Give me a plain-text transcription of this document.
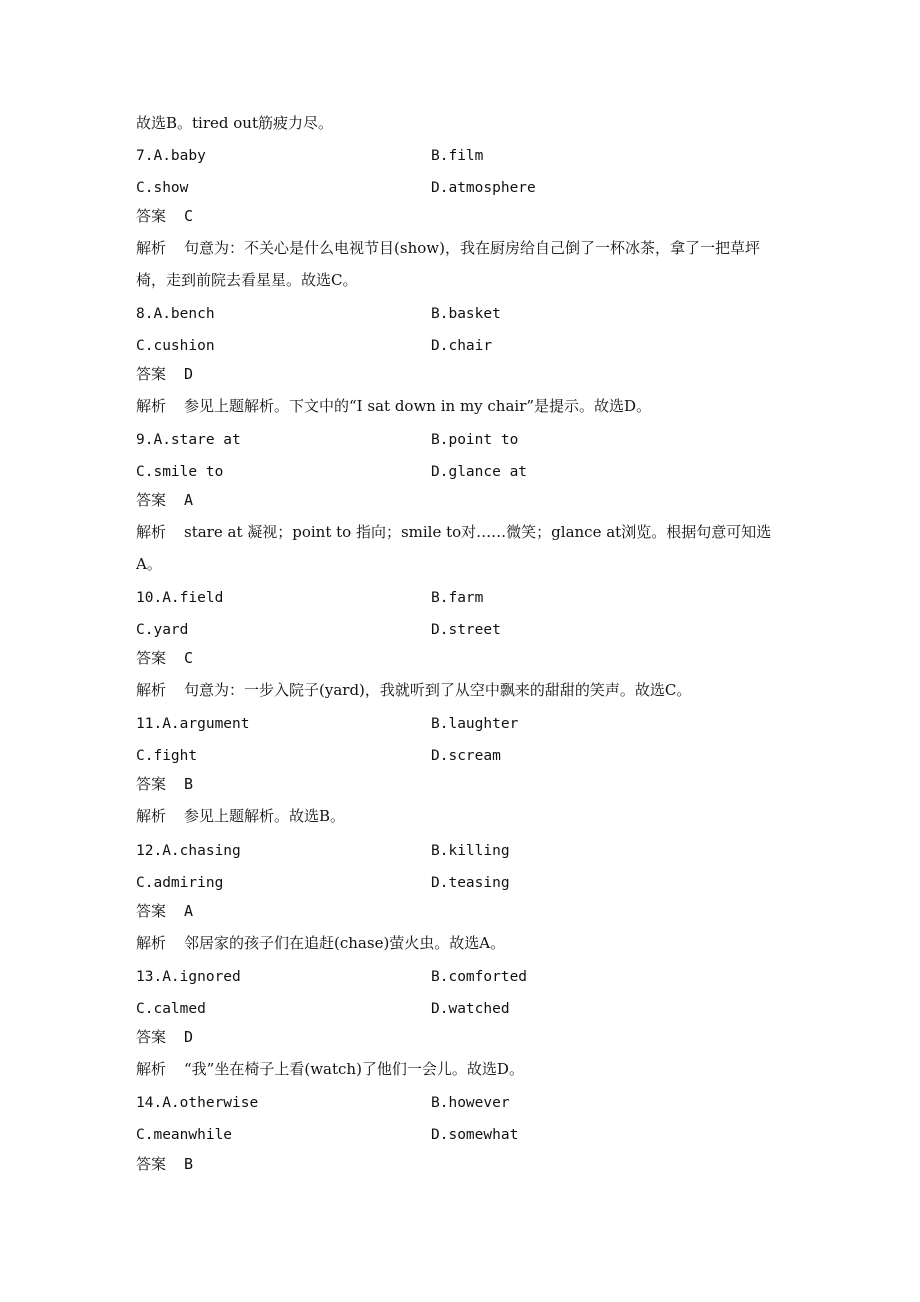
故选B。tired out筋疲力尽。
7.A.baby	B.film
C.show	D.atmosphere
答案 C
解析 句意为：不关心是什么电视节目(show)，我在厨房给自己倒了一杯冰茶，拿了一把草坪椅，走到前院去看星星。故选C。
8.A.bench	B.basket
C.cushion	D.chair
答案 D
解析 参见上题解析。下文中的“I sat down in my chair”是提示。故选D。
9.A.stare at	B.point to
C.smile to	D.glance at
答案 A
解析 stare at 凝视；point to 指向；smile to对……微笑；glance at浏览。根据句意可知选A。
10.A.field	B.farm
C.yard	D.street
答案 C
解析 句意为：一步入院子(yard)，我就听到了从空中飘来的甜甜的笑声。故选C。
11.A.argument	B.laughter
C.fight	D.scream
答案 B
解析 参见上题解析。故选B。
12.A.chasing	B.killing
C.admiring	D.teasing
答案 A
解析 邻居家的孩子们在追赶(chase)萤火虫。故选A。
13.A.ignored	B.comforted
C.calmed	D.watched
答案 D
解析 “我”坐在椅子上看(watch)了他们一会儿。故选D。
14.A.otherwise	B.however
C.meanwhile	D.somewhat
答案 B
